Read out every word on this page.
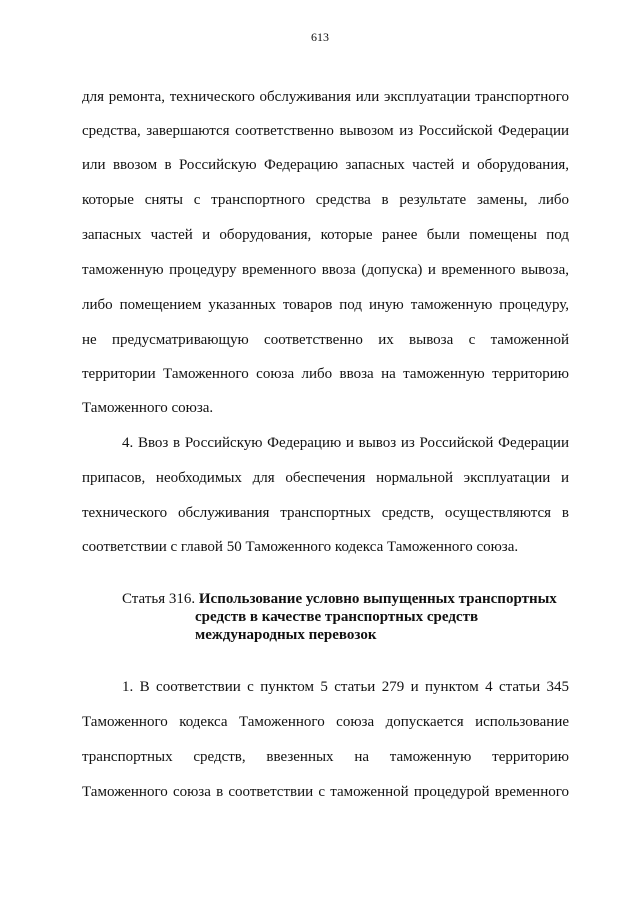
613
для ремонта, технического обслуживания или эксплуатации транспортного
средства, завершаются соответственно вывозом из Российской Федерации
или ввозом в Российскую Федерацию запасных частей и оборудования,
которые сняты с транспортного средства в результате замены, либо
запасных частей и оборудования, которые ранее были помещены под
таможенную процедуру временного ввоза (допуска) и временного вывоза,
либо помещением указанных товаров под иную таможенную процедуру,
не предусматривающую соответственно их вывоза с таможенной
территории Таможенного союза либо ввоза на таможенную территорию
Таможенного союза.
4. Ввоз в Российскую Федерацию и вывоз из Российской Федерации
припасов, необходимых для обеспечения нормальной эксплуатации и
технического обслуживания транспортных средств, осуществляются в
соответствии с главой 50 Таможенного кодекса Таможенного союза.
Статья 316. Использование условно выпущенных транспортных
средств в качестве транспортных средств
международных перевозок
1. В соответствии с пунктом 5 статьи 279 и пунктом 4 статьи 345
Таможенного кодекса Таможенного союза допускается использование
транспортных средств, ввезенных на таможенную территорию
Таможенного союза в соответствии с таможенной процедурой временного
